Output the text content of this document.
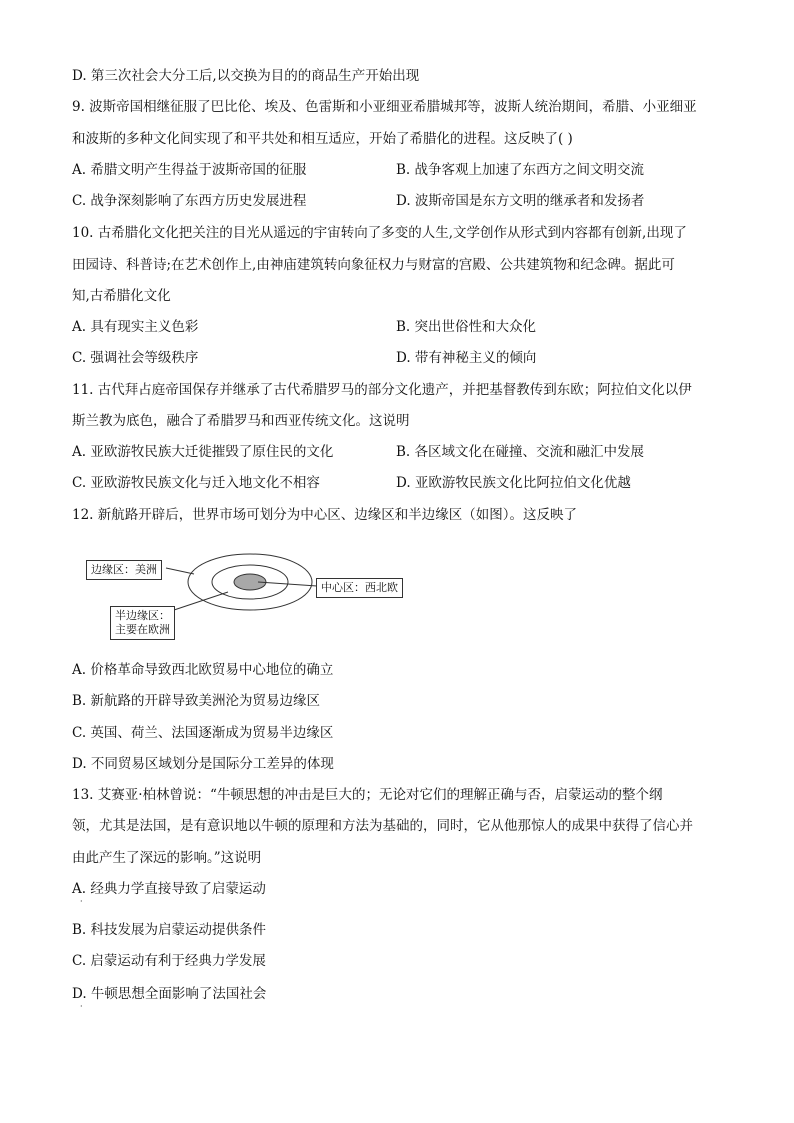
D. 第三次社会大分工后,以交换为目的的商品生产开始出现
9. 波斯帝国相继征服了巴比伦、埃及、色雷斯和小亚细亚希腊城邦等，波斯人统治期间，希腊、小亚细亚
和波斯的多种文化间实现了和平共处和相互适应，开始了希腊化的进程。这反映了( )
A. 希腊文明产生得益于波斯帝国的征服	B. 战争客观上加速了东西方之间文明交流
C. 战争深刻影响了东西方历史发展进程	D. 波斯帝国是东方文明的继承者和发扬者
10. 古希腊化文化把关注的目光从遥远的宇宙转向了多变的人生,文学创作从形式到内容都有创新,出现了
田园诗、科普诗;在艺术创作上,由神庙建筑转向象征权力与财富的宫殿、公共建筑物和纪念碑。据此可
知,古希腊化文化
A. 具有现实主义色彩	B. 突出世俗性和大众化
C. 强调社会等级秩序	D. 带有神秘主义的倾向
11. 古代拜占庭帝国保存并继承了古代希腊罗马的部分文化遗产，并把基督教传到东欧；阿拉伯文化以伊
斯兰教为底色，融合了希腊罗马和西亚传统文化。这说明
A. 亚欧游牧民族大迁徙摧毁了原住民的文化	B. 各区域文化在碰撞、交流和融汇中发展
C. 亚欧游牧民族文化与迁入地文化不相容	D. 亚欧游牧民族文化比阿拉伯文化优越
12. 新航路开辟后，世界市场可划分为中心区、边缘区和半边缘区（如图）。这反映了
边缘区：美洲
中心区：西北欧
半边缘区：
主要在欧洲
A. 价格革命导致西北欧贸易中心地位的确立
B. 新航路的开辟导致美洲沦为贸易边缘区
C. 英国、荷兰、法国逐渐成为贸易半边缘区
D. 不同贸易区域划分是国际分工差异的体现
13. 艾赛亚·柏林曾说：“牛顿思想的冲击是巨大的；无论对它们的理解正确与否，启蒙运动的整个纲
领，尤其是法国，是有意识地以牛顿的原理和方法为基础的，同时，它从他那惊人的成果中获得了信心并
由此产生了深远的影响。”这说明
A. 经典力学直接导致了启蒙运动
·
B. 科技发展为启蒙运动提供条件
C. 启蒙运动有利于经典力学发展
D. 牛顿思想全面影响了法国社会
·
